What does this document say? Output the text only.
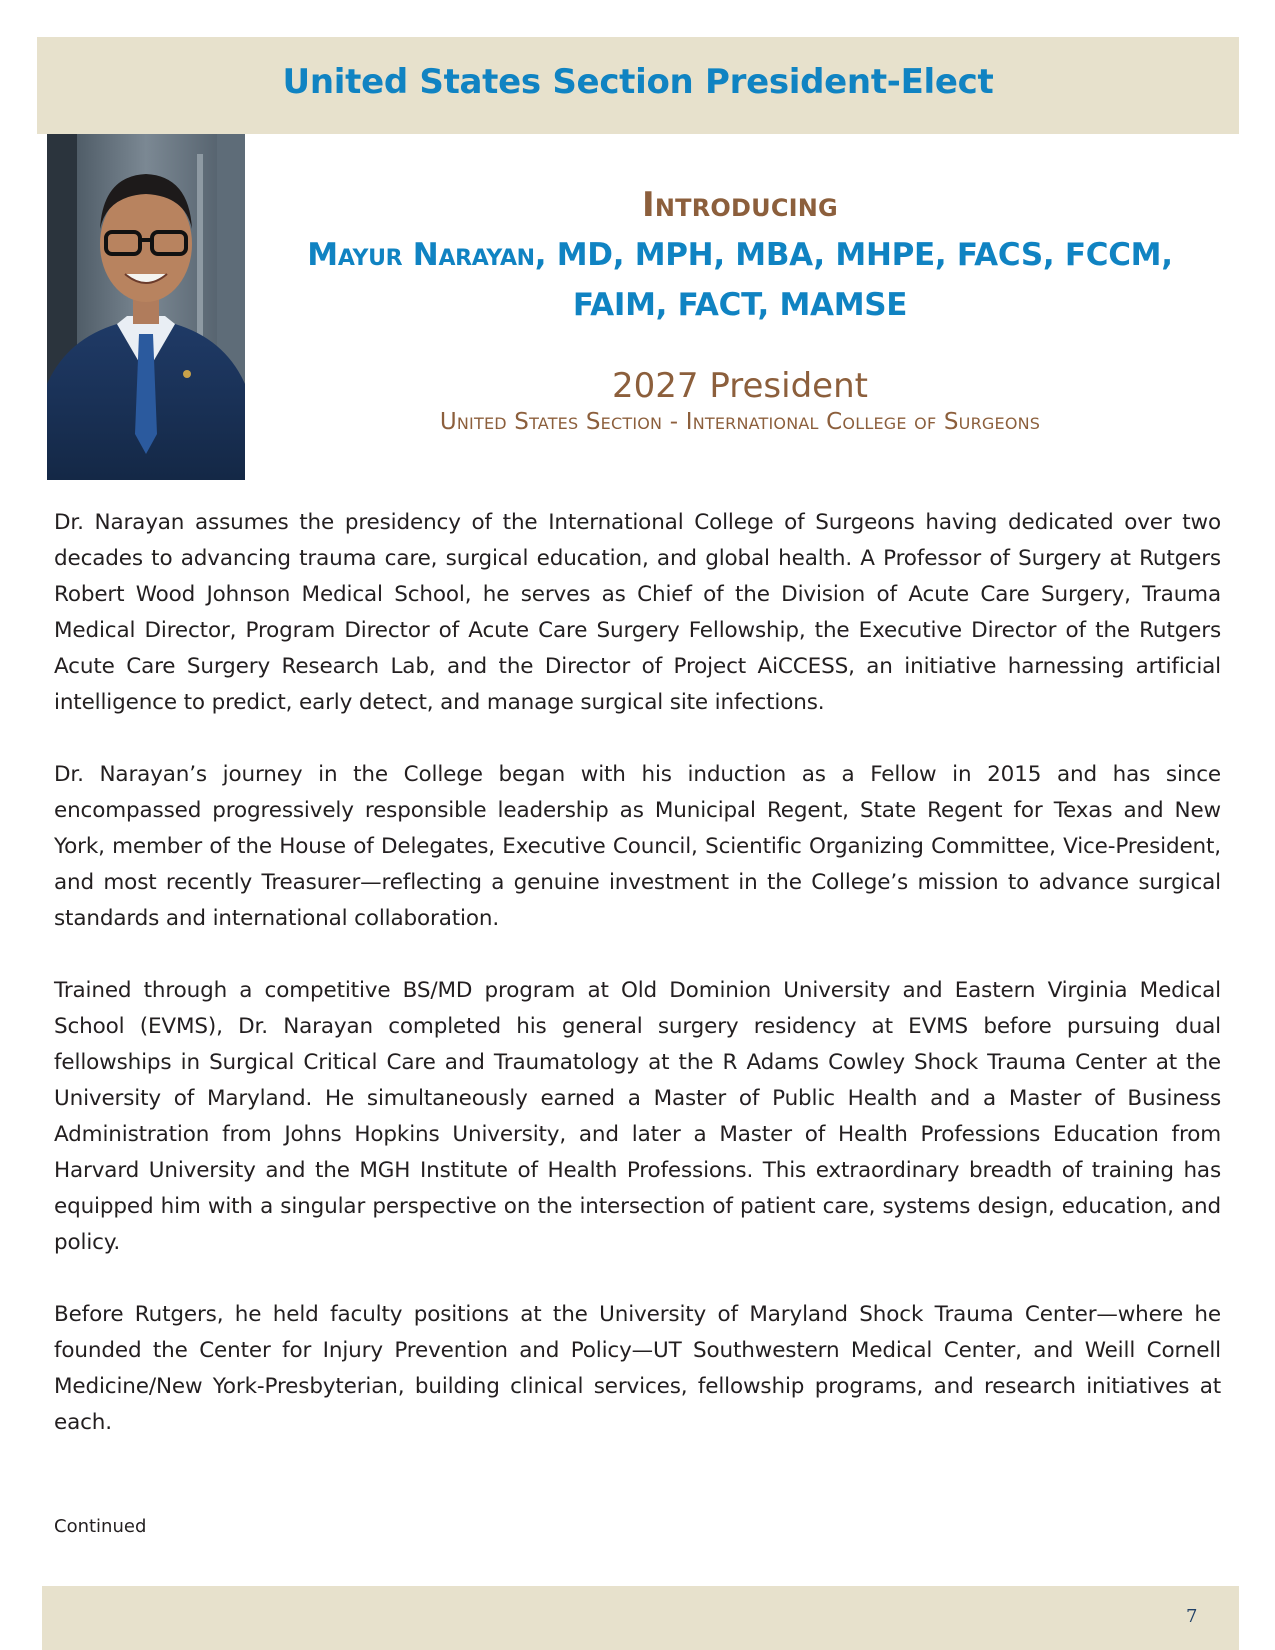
United States Section President-Elect
Introducing
Mayur Narayan, MD, MPH, MBA, MHPE, FACS, FCCM,
FAIM, FACT, MAMSE
2027 President
United States Section - International College of Surgeons

Dr. Narayan assumes the presidency of the International College of Surgeons having dedicated over two decades to advancing trauma care, surgical education, and global health. A Professor of Surgery at Rutgers Robert Wood Johnson Medical School, he serves as Chief of the Division of Acute Care Surgery, Trauma Medical Director, Program Director of Acute Care Surgery Fellowship, the Executive Director of the Rutgers Acute Care Surgery Research Lab, and the Director of Project AiCCESS, an initiative harnessing artificial intelligence to predict, early detect, and manage surgical site infections.

Dr. Narayan’s journey in the College began with his induction as a Fellow in 2015 and has since encompassed progressively responsible leadership as Municipal Regent, State Regent for Texas and New York, member of the House of Delegates, Executive Council, Scientific Organizing Committee, Vice-President, and most recently Treasurer—reflecting a genuine investment in the College’s mission to advance surgical standards and international collaboration.

Trained through a competitive BS/MD program at Old Dominion University and Eastern Virginia Medical School (EVMS), Dr. Narayan completed his general surgery residency at EVMS before pursuing dual fellowships in Surgical Critical Care and Traumatology at the R Adams Cowley Shock Trauma Center at the University of Maryland. He simultaneously earned a Master of Public Health and a Master of Business Administration from Johns Hopkins University, and later a Master of Health Professions Education from Harvard University and the MGH Institute of Health Professions. This extraordinary breadth of training has equipped him with a singular perspective on the intersection of patient care, systems design, education, and policy.

Before Rutgers, he held faculty positions at the University of Maryland Shock Trauma Center—where he founded the Center for Injury Prevention and Policy—UT Southwestern Medical Center, and Weill Cornell Medicine/New York-Presbyterian, building clinical services, fellowship programs, and research initiatives at each.

Continued
7
